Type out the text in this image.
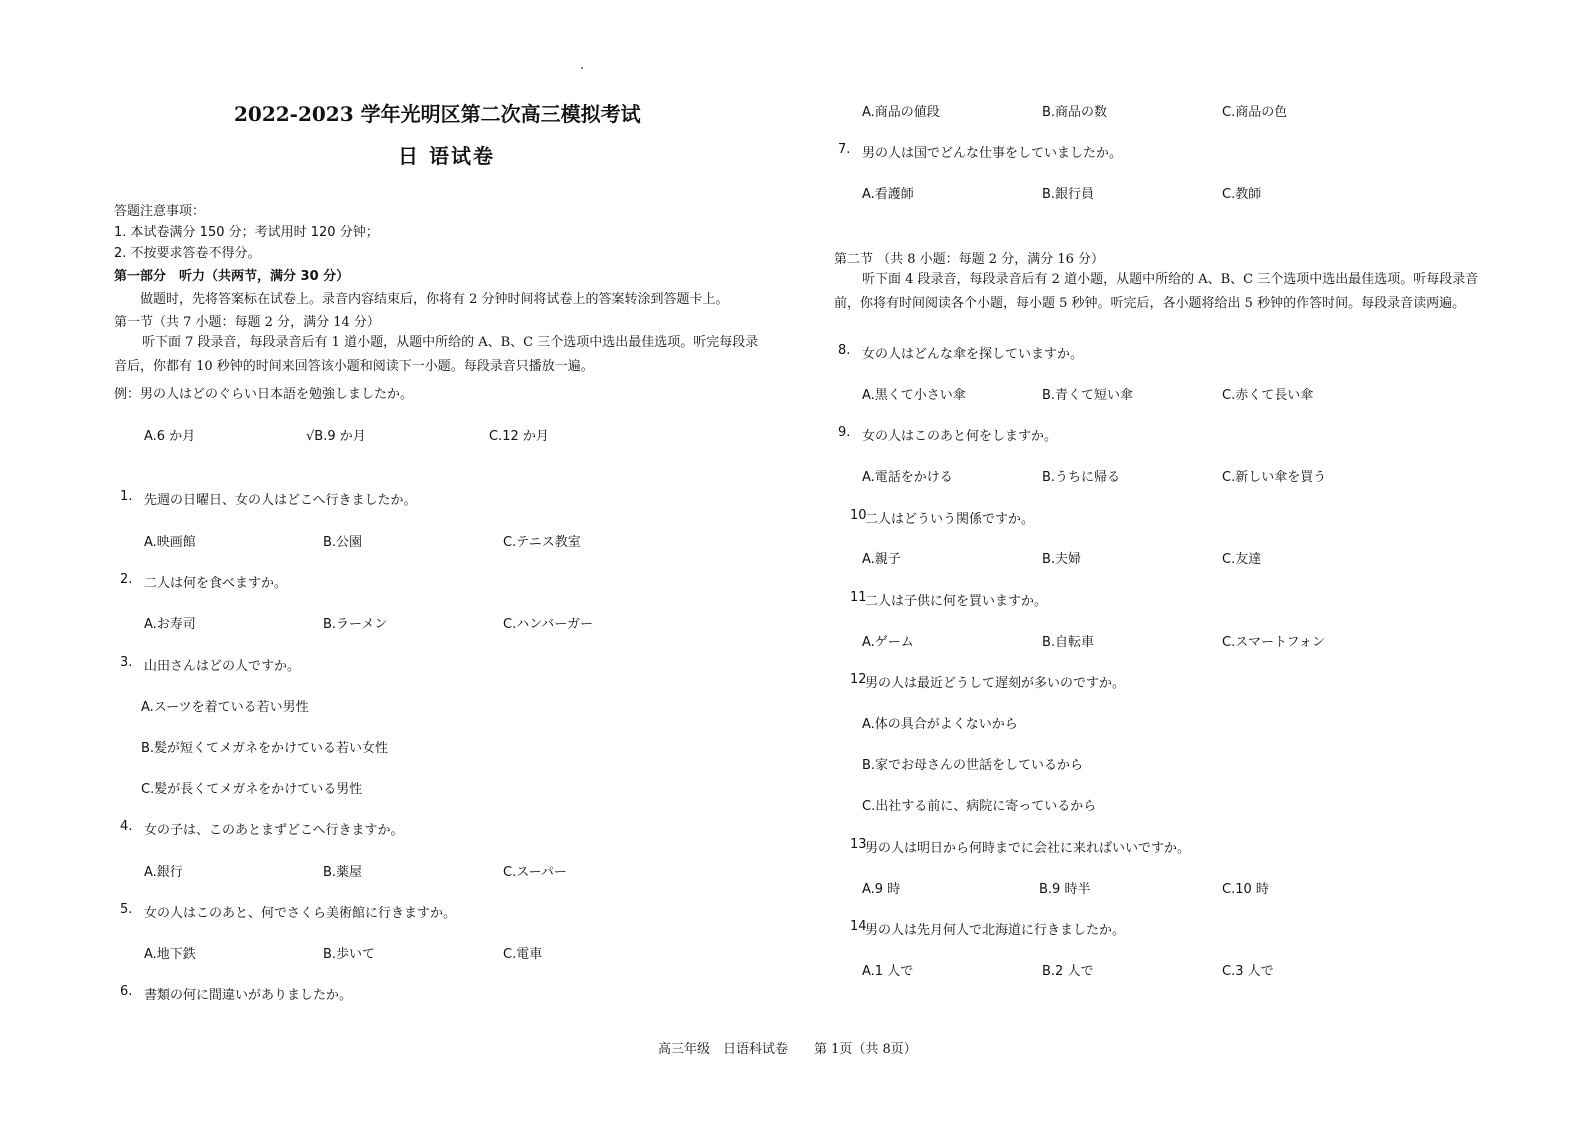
2022-2023 学年光明区第二次高三模拟考试
日 语试卷
答题注意事项：
1. 本试卷满分 150 分；考试用时 120 分钟；
2. 不按要求答卷不得分。
第一部分　听力（共两节，满分 30 分）
做题时，先将答案标在试卷上。录音内容结束后，你将有 2 分钟时间将试卷上的答案转涂到答题卡上。
第一节（共 7 小题：每题 2 分，满分 14 分）
听下面 7 段录音，每段录音后有 1 道小题，从题中所给的 A、B、C 三个选项中选出最佳选项。听完每段录音后，你都有 10 秒钟的时间来回答该小题和阅读下一小题。每段录音只播放一遍。
例：男の人はどのぐらい日本語を勉強しましたか。
A.6 か月	√B.9 か月	C.12 か月
1. 先週の日曜日、女の人はどこへ行きましたか。
A.映画館	B.公園	C.テニス教室
2. 二人は何を食べますか。
A.お寿司	B.ラーメン	C.ハンバーガー
3. 山田さんはどの人ですか。
A.スーツを着ている若い男性
B.髪が短くてメガネをかけている若い女性
C.髪が長くてメガネをかけている男性
4. 女の子は、このあとまずどこへ行きますか。
A.銀行	B.薬屋	C.スーパー
5. 女の人はこのあと、何でさくら美術館に行きますか。
A.地下鉄	B.歩いて	C.電車
6. 書類の何に間違いがありましたか。
A.商品の値段	B.商品の数	C.商品の色
7. 男の人は国でどんな仕事をしていましたか。
A.看護師	B.銀行員	C.教師
第二节 （共 8 小题：每题 2 分，满分 16 分）
听下面 4 段录音，每段录音后有 2 道小题，从题中所给的 A、B、C 三个选项中选出最佳选项。听每段录音前，你将有时间阅读各个小题，每小题 5 秒钟。听完后，各小题将给出 5 秒钟的作答时间。每段录音读两遍。
8. 女の人はどんな傘を探していますか。
A.黒くて小さい傘	B.青くて短い傘	C.赤くて長い傘
9. 女の人はこのあと何をしますか。
A.電話をかける	B.うちに帰る	C.新しい傘を買う
10
二人はどういう関係ですか。
A.親子	B.夫婦	C.友達
11
二人は子供に何を買いますか。
A.ゲーム	B.自転車	C.スマートフォン
12
男の人は最近どうして遅刻が多いのですか。
A.体の具合がよくないから
B.家でお母さんの世話をしているから
C.出社する前に、病院に寄っているから
13
男の人は明日から何時までに会社に来ればいいですか。
A.9 時	B.9 時半	C.10 時
14
男の人は先月何人で北海道に行きましたか。
A.1 人で	B.2 人で	C.3 人で
高三年级　日语科试卷　　第 1页（共 8页）
